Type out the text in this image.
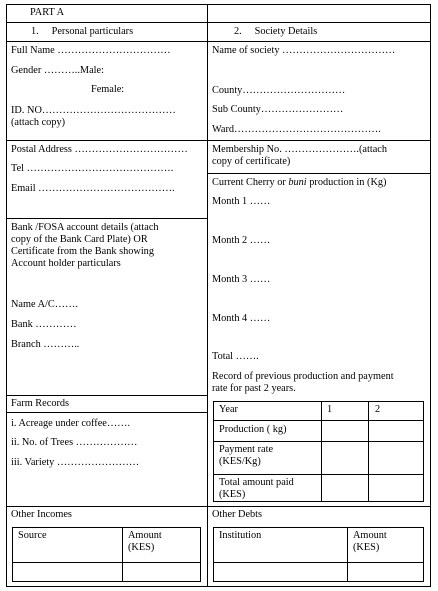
PART A
1.     Personal particulars	2.     Society Details
Full Name ……………………………
Gender ………..Male:
Female:
ID. NO…………………………………
(attach copy)
Postal Address ……………………………
Tel …………………………………….
Email ………………………………….
Bank /FOSA account details (attach
copy of the Bank Card Plate) OR
Certificate from the Bank showing
Account holder particulars
Name A/C…….
Bank …………
Branch ………..
Farm Records
i. Acreage under coffee…….
ii. No. of Trees ………………
iii. Variety ……………………
Name of society ……………………………
County…………………………
Sub County……………………
Ward…………………………………….
Membership No. ………………….(attach
copy of certificate)
Current Cherry or buni production in (Kg)
Month 1 ……
Month 2 ……
Month 3 ……
Month 4 ……
Total …….
Record of previous production and payment
rate for past 2 years.
Year	1	2
Production ( kg)
Payment rate
(KES/Kg)
Total amount paid
(KES)
Other Incomes
Source	Amount
(KES)
Other Debts
Institution	Amount
(KES)
